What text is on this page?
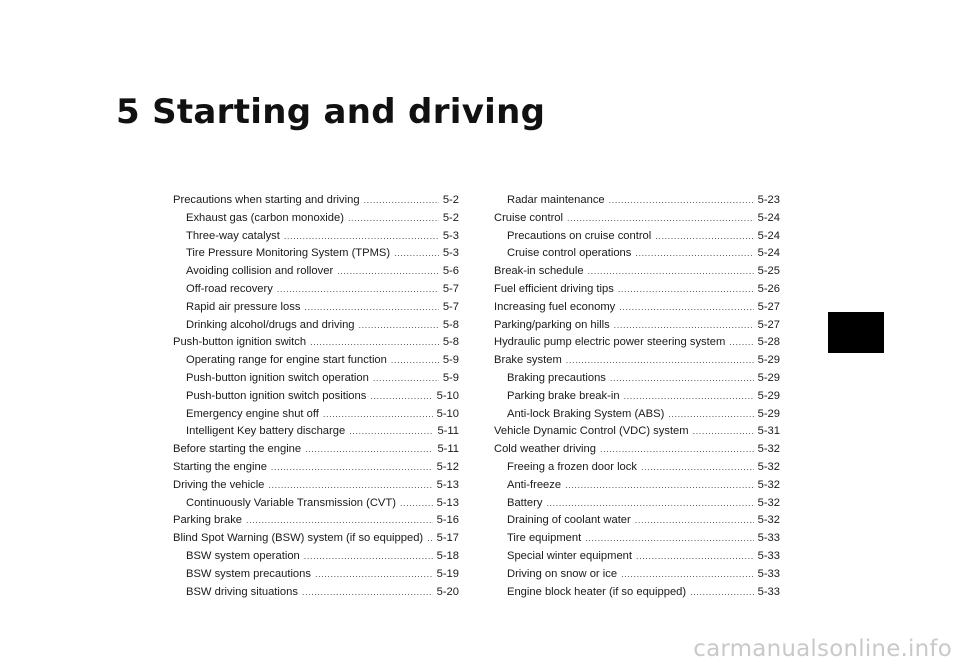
5 Starting and driving
Precautions when starting and driving .....	5-2
Exhaust gas (carbon monoxide) .....	5-2
Three-way catalyst .....	5-3
Tire Pressure Monitoring System (TPMS) .....	5-3
Avoiding collision and rollover .....	5-6
Off-road recovery .....	5-7
Rapid air pressure loss .....	5-7
Drinking alcohol/drugs and driving .....	5-8
Push-button ignition switch .....	5-8
Operating range for engine start function .....	5-9
Push-button ignition switch operation .....	5-9
Push-button ignition switch positions .....	5-10
Emergency engine shut off .....	5-10
Intelligent Key battery discharge .....	5-11
Before starting the engine .....	5-11
Starting the engine .....	5-12
Driving the vehicle .....	5-13
Continuously Variable Transmission (CVT) .....	5-13
Parking brake .....	5-16
Blind Spot Warning (BSW) system (if so equipped) ..... 5-17
BSW system operation .....	5-18
BSW system precautions .....	5-19
BSW driving situations .....	5-20
Radar maintenance .....	5-23
Cruise control .....	5-24
Precautions on cruise control .....	5-24
Cruise control operations .....	5-24
Break-in schedule .....	5-25
Fuel efficient driving tips .....	5-26
Increasing fuel economy .....	5-27
Parking/parking on hills .....	5-27
Hydraulic pump electric power steering system .....	5-28
Brake system .....	5-29
Braking precautions .....	5-29
Parking brake break-in .....	5-29
Anti-lock Braking System (ABS) .....	5-29
Vehicle Dynamic Control (VDC) system .....	5-31
Cold weather driving .....	5-32
Freeing a frozen door lock .....	5-32
Anti-freeze .....	5-32
Battery .....	5-32
Draining of coolant water .....	5-32
Tire equipment .....	5-33
Special winter equipment .....	5-33
Driving on snow or ice .....	5-33
Engine block heater (if so equipped) .....	5-33
carmanualsonline.info
